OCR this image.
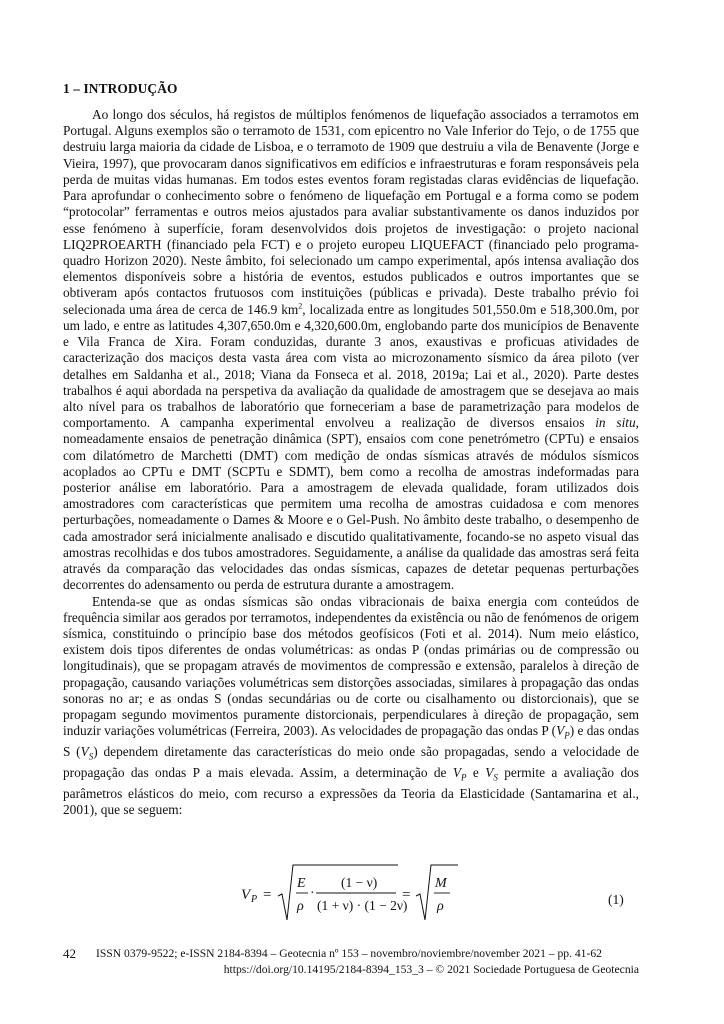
1 – INTRODUÇÃO

Ao longo dos séculos, há registos de múltiplos fenómenos de liquefação associados a terramotos em Portugal. Alguns exemplos são o terramoto de 1531, com epicentro no Vale Inferior do Tejo, o de 1755 que destruiu larga maioria da cidade de Lisboa, e o terramoto de 1909 que destruiu a vila de Benavente (Jorge e Vieira, 1997), que provocaram danos significativos em edifícios e infraestruturas e foram responsáveis pela perda de muitas vidas humanas. Em todos estes eventos foram registadas claras evidências de liquefação. Para aprofundar o conhecimento sobre o fenómeno de liquefação em Portugal e a forma como se podem “protocolar” ferramentas e outros meios ajustados para avaliar substantivamente os danos induzidos por esse fenómeno à superfície, foram desenvolvidos dois projetos de investigação: o projeto nacional LIQ2PROEARTH (financiado pela FCT) e o projeto europeu LIQUEFACT (financiado pelo programa-quadro Horizon 2020). Neste âmbito, foi selecionado um campo experimental, após intensa avaliação dos elementos disponíveis sobre a história de eventos, estudos publicados e outros importantes que se obtiveram após contactos frutuosos com instituições (públicas e privada). Deste trabalho prévio foi selecionada uma área de cerca de 146.9 $km^2$, localizada entre as longitudes 501,550.0m e 518,300.0m, por um lado, e entre as latitudes 4,307,650.0m e 4,320,600.0m, englobando parte dos municípios de Benavente e Vila Franca de Xira. Foram conduzidas, durante 3 anos, exaustivas e proficuas atividades de caracterização dos maciços desta vasta área com vista ao microzonamento sísmico da área piloto (ver detalhes em Saldanha et al., 2018; Viana da Fonseca et al. 2018, 2019a; Lai et al., 2020). Parte destes trabalhos é aqui abordada na perspetiva da avaliação da qualidade de amostragem que se desejava ao mais alto nível para os trabalhos de laboratório que forneceriam a base de parametrização para modelos de comportamento. A campanha experimental envolveu a realização de diversos ensaios in situ, nomeadamente ensaios de penetração dinâmica (SPT), ensaios com cone penetrómetro (CPTu) e ensaios com dilatómetro de Marchetti (DMT) com medição de ondas sísmicas através de módulos sísmicos acoplados ao CPTu e DMT (SCPTu e SDMT), bem como a recolha de amostras indeformadas para posterior análise em laboratório. Para a amostragem de elevada qualidade, foram utilizados dois amostradores com características que permitem uma recolha de amostras cuidadosa e com menores perturbações, nomeadamente o Dames & Moore e o Gel-Push. No âmbito deste trabalho, o desempenho de cada amostrador será inicialmente analisado e discutido qualitativamente, focando-se no aspeto visual das amostras recolhidas e dos tubos amostradores. Seguidamente, a análise da qualidade das amostras será feita através da comparação das velocidades das ondas sísmicas, capazes de detetar pequenas perturbações decorrentes do adensamento ou perda de estrutura durante a amostragem.

Entenda-se que as ondas sísmicas são ondas vibracionais de baixa energia com conteúdos de frequência similar aos gerados por terramotos, independentes da existência ou não de fenómenos de origem sísmica, constituindo o princípio base dos métodos geofísicos (Foti et al. 2014). Num meio elástico, existem dois tipos diferentes de ondas volumétricas: as ondas P (ondas primárias ou de compressão ou longitudinais), que se propagam através de movimentos de compressão e extensão, paralelos à direção de propagação, causando variações volumétricas sem distorções associadas, similares à propagação das ondas sonoras no ar; e as ondas S (ondas secundárias ou de corte ou cisalhamento ou distorcionais), que se propagam segundo movimentos puramente distorcionais, perpendiculares à direção de propagação, sem induzir variações volumétricas (Ferreira, 2003). As velocidades de propagação das ondas P $(V_P)$ e das ondas S $(V_S)$ dependem diretamente das características do meio onde são propagadas, sendo a velocidade de propagação das ondas P a mais elevada. Assim, a determinação de $V_P$ e $V_S$ permite a avaliação dos parâmetros elásticos do meio, com recurso a expressões da Teoria da Elasticidade (Santamarina et al., 2001), que se seguem:

V P =
E
ρ
·
(1 − ν)
(1 + ν) · (1 − 2ν)
=
M
ρ	(1)
42 ISSN 0379-9522; e-ISSN 2184-8394 – Geotecnia nº 153 – novembro/noviembre/november 2021 – pp. 41-62
https://doi.org/10.14195/2184-8394_153_3 – © 2021 Sociedade Portuguesa de Geotecnia
